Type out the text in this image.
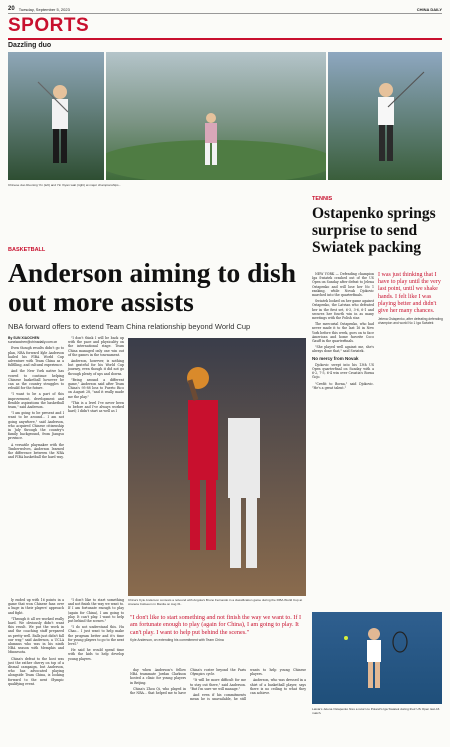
20 Tuesday, September 5, 2023	CHINA DAILY
SPORTS
Dazzling duo
Chinese duo Ruoning Yin (left) and Yin Xiyan wait (right) at major championships...
BASKETBALL
Anderson aiming to dish out more assists
NBA forward offers to extend Team China relationship beyond World Cup
By SUN XIAOCHEN
sunxiaochen@chinadaily.com.cn

Even though results didn't go to plan, NBA forward Kyle Anderson hailed his FIBA World Cup adventure with Team China as a fulfilling, and cultural experience.

And the New York native has vowed to continue helping Chinese basketball however he can as the country struggles to rebuild for the future.

"I want to be a part of this improvement, development and flexible aspirations the basketball team," said Anderson.

"I am going to be present and I want to be around... I am not going anywhere," said Anderson, who acquired Chinese citizenship in July through the country's family background, from Jiangsu province.

A versatile playmaker with the Timberwolves, Anderson learned the difference between the NBA and FIBA basketball the hard way.

"I don't think I will be back up with the pace and physicality on the international stage. Team China managed only one win out of the games in the tournament.

Anderson, however, is nothing but grateful for his World Cup journey, even though it did not go through plenty of ups and downs.

"Being around a different game," Anderson said after Team China's 95-88 loss to Puerto Rico on August 28, "and it really made me the play."

"This is a level I've never been to before and I've always worked hard; I didn't start as well as I

China's Kyle Anderson contests a rebound with Angola's Bruno Fernando in a classification game during the FIBA World Cup at Araneta Coliseum in Manila on Aug 31.

ly ended up with 16 points in a game that won Chinese fans over a huge in their players' approach and fight.

"Through it all we worked really hard. We obviously didn't want this result. We put the work in and the coaching staff prepared us pretty well. Balls just didn't fall our way," said Anderson, a UCLA alumnus who was in his ninth NBA season with Memphis and Minnesota.

China's defeat to the host was just the rather cherry on top of a dismal campaign, but Anderson, who has advocated playing alongside Team China, is looking forward to the next Olympic qualifying event.

"I don't like to start something and not finish the way we want to. If I am fortunate enough to play (again for China), I am going to play. It can't play. I want to help put behind the scenes."

"I do not understand this. Hu Chao... I just want to help make the program better and it's time for young players to go to the next level."

He said he would spend time with the kids to help develop young players.

"I don't like to start something and not finish the way we want to. If I am fortunate enough to play (again for China), I am going to play. It can't play. I want to help put behind the scenes."
Kyle Anderson, on extending his commitment with Team China

day when Anderson's fellow NBA teammate Jordan Clarkson hosted a clinic for young players in Beijing.

China's Zhou Qi, who played in the NBA... that helped me to have China's roster beyond the Paris Olympics cycle.

"It will be more difficult for me to stay out there," said Anderson. "But I'm sure we will manage."

And even if his commitments mean he is unavailable, he still wants to help young Chinese players.

Anderson, who was dressed in a shirt of a basketball player, says there is no ceiling to what they can achieve.

TENNIS
Ostapenko springs surprise to send Swiatek packing

NEW YORK — Defending champion Iga Swiatek crashed out of the US Open on Sunday after defeat to Jelena Ostapenko and will lose her No 1 ranking, while Novak Djokovic marched into the quarterfinals.

Swiatek looked on her game against Ostapenko, the Latvian who defeated her in the first set, 6-3, 3-6, 6-1 and secures her fourth win in as many meetings with the Polish star.

The mercurial Ostapenko, who had never made it to the last 16 in New York before this week, goes on to face American and home favorite Coco Gauff in the quarterfinals.

"She played well against me, she's always done that," said Swiatek.

No mercy from Novak

Djokovic swept into his 13th US Open quarterfinal on Sunday with a 6-2, 7-5, 6-4 win over Croatia's Borna Gojo.

"Credit to Borna," said Djokovic. "He's a great talent."

I was just thinking that I have to play until the very last point, until we shake hands. I felt like I was playing better and didn't give her many chances.
Jelena Ostapenko, after defeating defending champion and world No 1 Iga Swiatek
Latvia's Jelena Ostapenko fires a return to Poland's Iga Swiatek during their US Open last-16 match.
